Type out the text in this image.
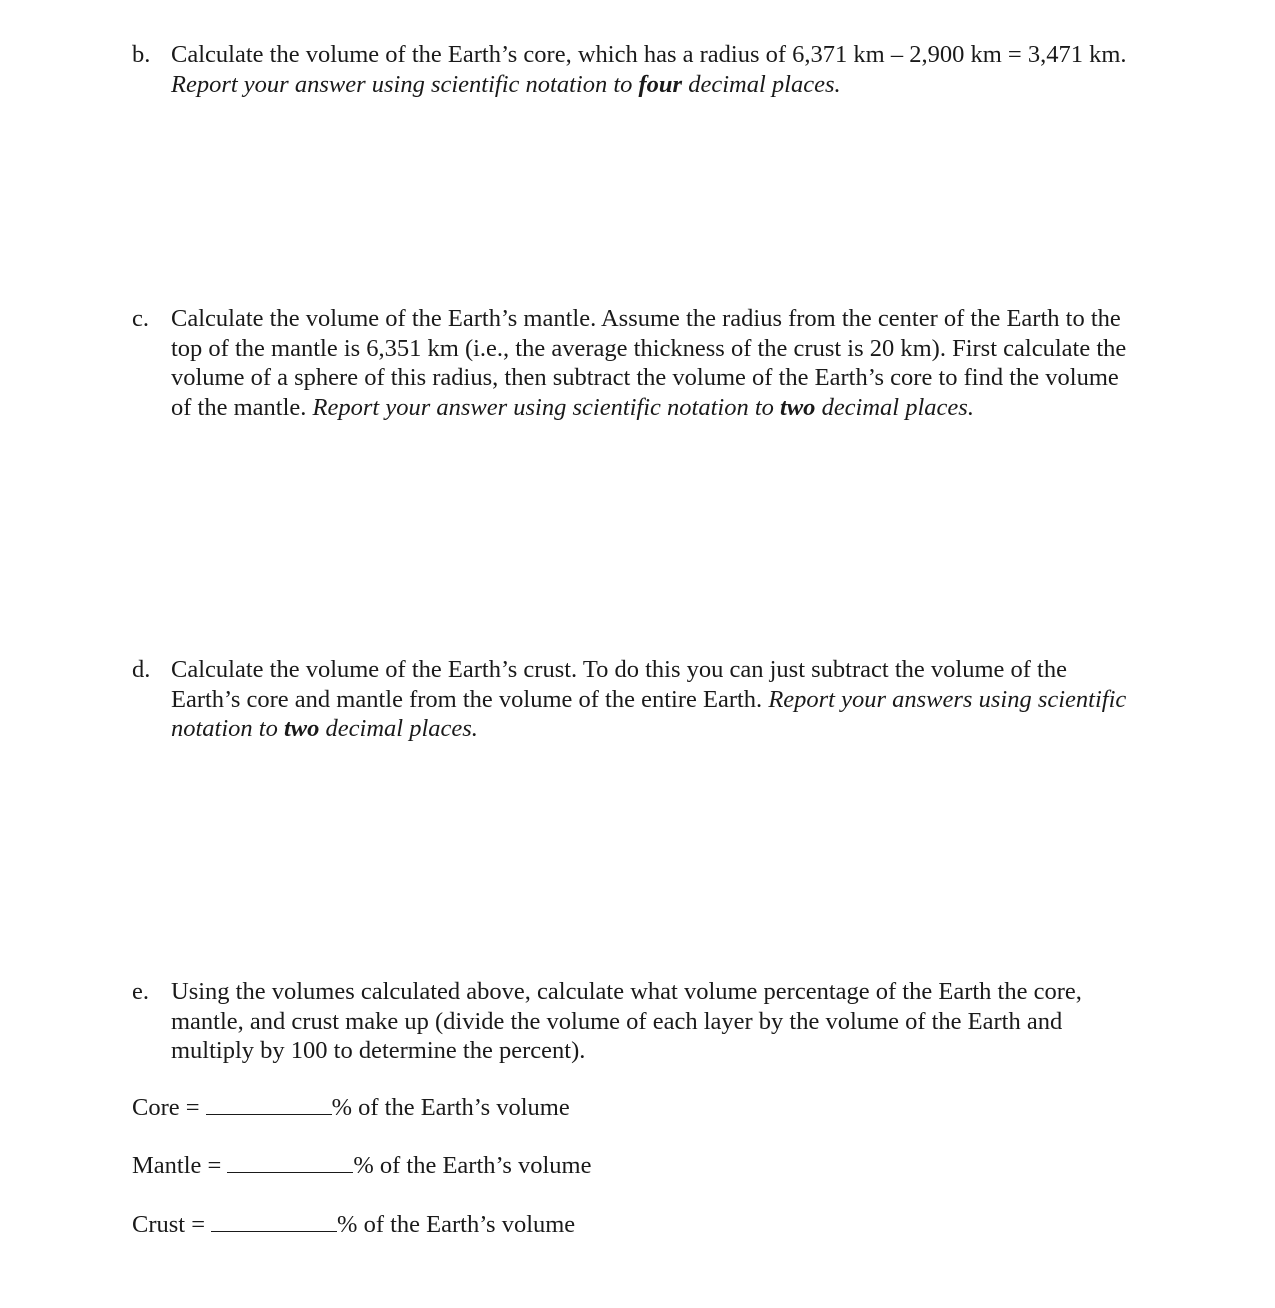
b. Calculate the volume of the Earth’s core, which has a radius of 6,371 km – 2,900 km = 3,471 km. Report your answer using scientific notation to four decimal places.
c. Calculate the volume of the Earth’s mantle. Assume the radius from the center of the Earth to the top of the mantle is 6,351 km (i.e., the average thickness of the crust is 20 km). First calculate the volume of a sphere of this radius, then subtract the volume of the Earth’s core to find the volume of the mantle. Report your answer using scientific notation to two decimal places.
d. Calculate the volume of the Earth’s crust. To do this you can just subtract the volume of the Earth’s core and mantle from the volume of the entire Earth. Report your answers using scientific notation to two decimal places.
e. Using the volumes calculated above, calculate what volume percentage of the Earth the core, mantle, and crust make up (divide the volume of each layer by the volume of the Earth and multiply by 100 to determine the percent).
Core =	% of the Earth’s volume
Mantle =	% of the Earth’s volume
Crust =	% of the Earth’s volume
